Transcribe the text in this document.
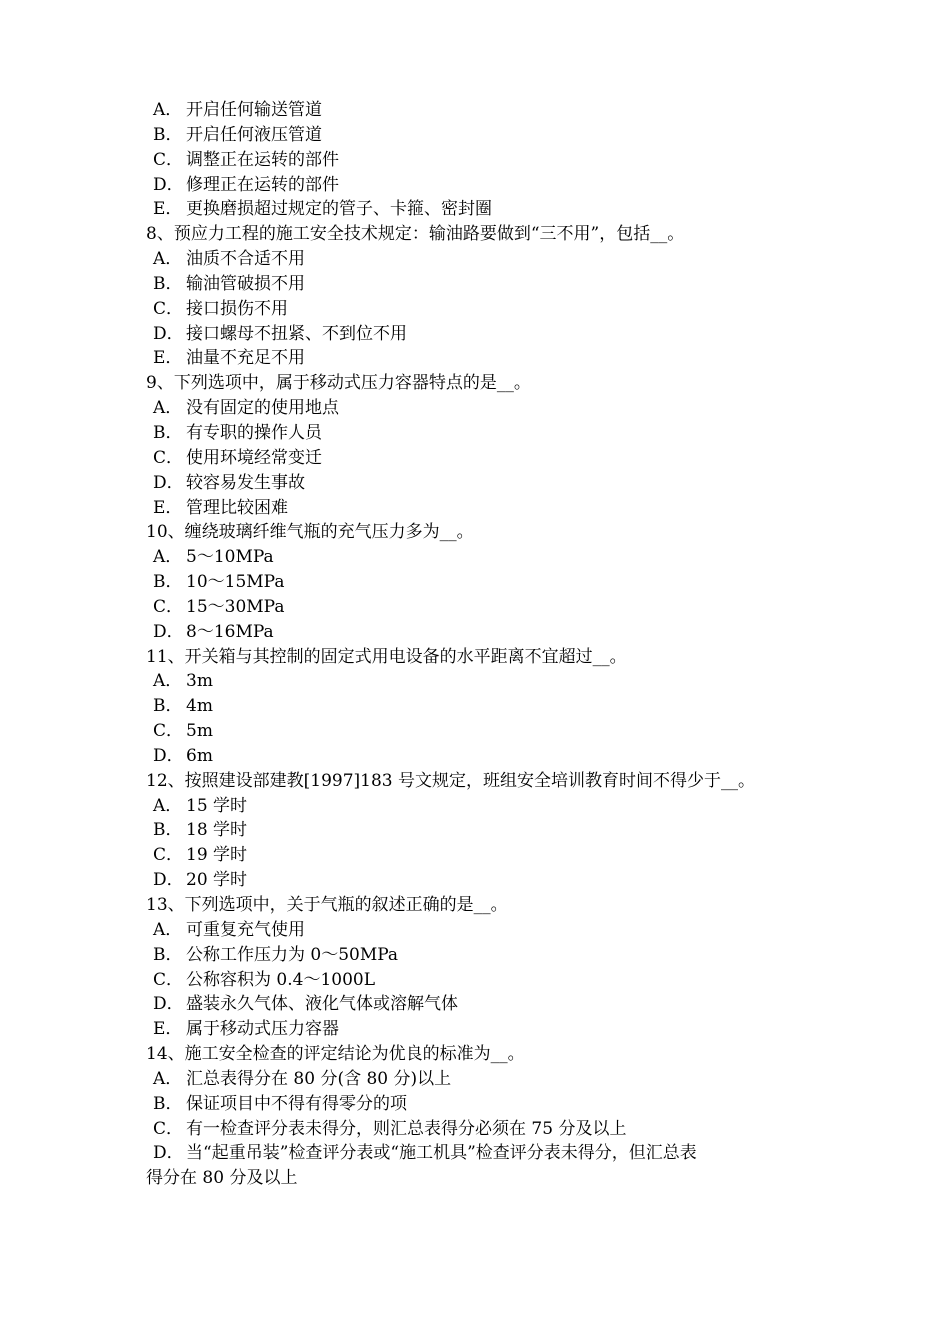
A． 开启任何输送管道
B． 开启任何液压管道
C． 调整正在运转的部件
D． 修理正在运转的部件
E． 更换磨损超过规定的管子、卡箍、密封圈
8、预应力工程的施工安全技术规定：输油路要做到“三不用”，包括__。
A． 油质不合适不用
B． 输油管破损不用
C． 接口损伤不用
D． 接口螺母不扭紧、不到位不用
E． 油量不充足不用
9、下列选项中，属于移动式压力容器特点的是__。
A． 没有固定的使用地点
B． 有专职的操作人员
C． 使用环境经常变迁
D． 较容易发生事故
E． 管理比较困难
10、缠绕玻璃纤维气瓶的充气压力多为__。
A． 5～10MPa
B． 10～15MPa
C． 15～30MPa
D． 8～16MPa
11、开关箱与其控制的固定式用电设备的水平距离不宜超过__。
A． 3m
B． 4m
C． 5m
D． 6m
12、按照建设部建教[1997]183 号文规定，班组安全培训教育时间不得少于__。
A． 15 学时
B． 18 学时
C． 19 学时
D． 20 学时
13、下列选项中，关于气瓶的叙述正确的是__。
A． 可重复充气使用
B． 公称工作压力为 0～50MPa
C． 公称容积为 0.4～1000L
D． 盛装永久气体、液化气体或溶解气体
E． 属于移动式压力容器
14、施工安全检查的评定结论为优良的标准为__。
A． 汇总表得分在 80 分(含 80 分)以上
B． 保证项目中不得有得零分的项
C． 有一检查评分表未得分，则汇总表得分必须在 75 分及以上
D． 当“起重吊装”检查评分表或“施工机具”检查评分表未得分，但汇总表
得分在 80 分及以上
